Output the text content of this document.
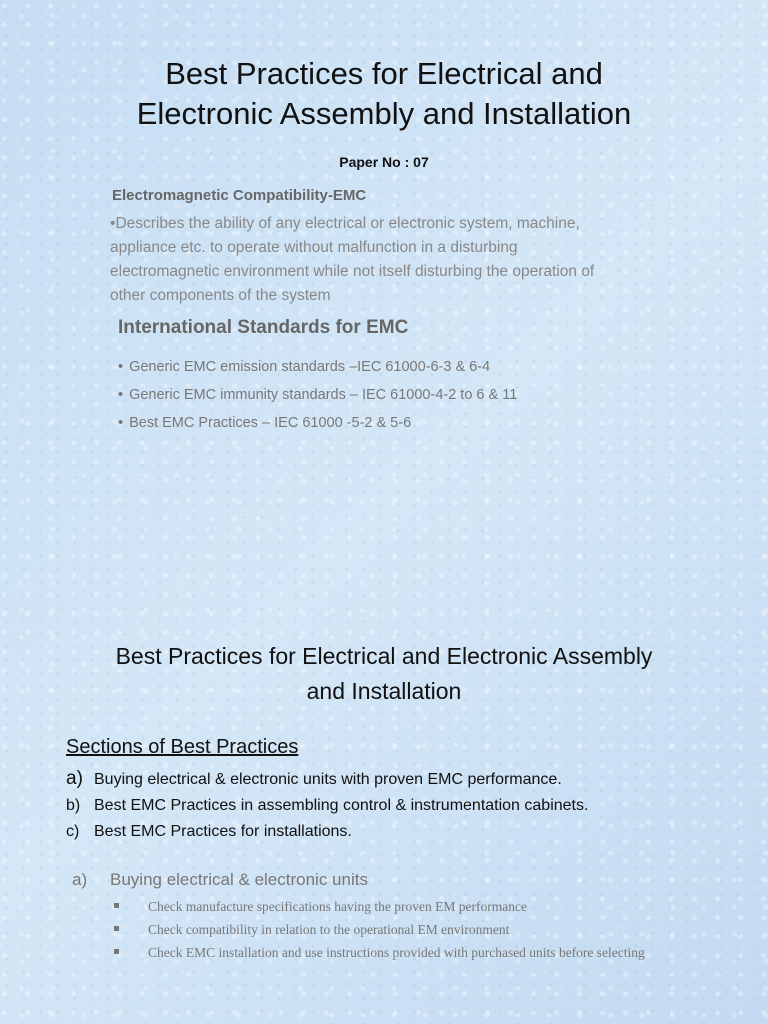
Best Practices for Electrical and
Electronic Assembly and Installation
Paper No : 07
Electromagnetic Compatibility-EMC
•Describes the ability of any electrical or electronic system, machine, appliance etc. to operate without malfunction in a disturbing electromagnetic environment while not itself disturbing the operation of other components of the system
International Standards for EMC
• Generic EMC emission standards –IEC 61000-6-3 & 6-4
• Generic EMC immunity standards – IEC 61000-4-2 to 6 & 11
• Best EMC Practices – IEC 61000 -5-2 & 5-6
Best Practices for Electrical and Electronic Assembly
and Installation
Sections of Best Practices
a) Buying electrical & electronic units with proven EMC performance.
b) Best EMC Practices in assembling control & instrumentation cabinets.
c) Best EMC Practices for installations.
a) Buying electrical & electronic units
Check manufacture specifications having the proven EM performance
Check compatibility in relation to the operational EM environment
Check EMC installation and use instructions provided with purchased units before selecting
